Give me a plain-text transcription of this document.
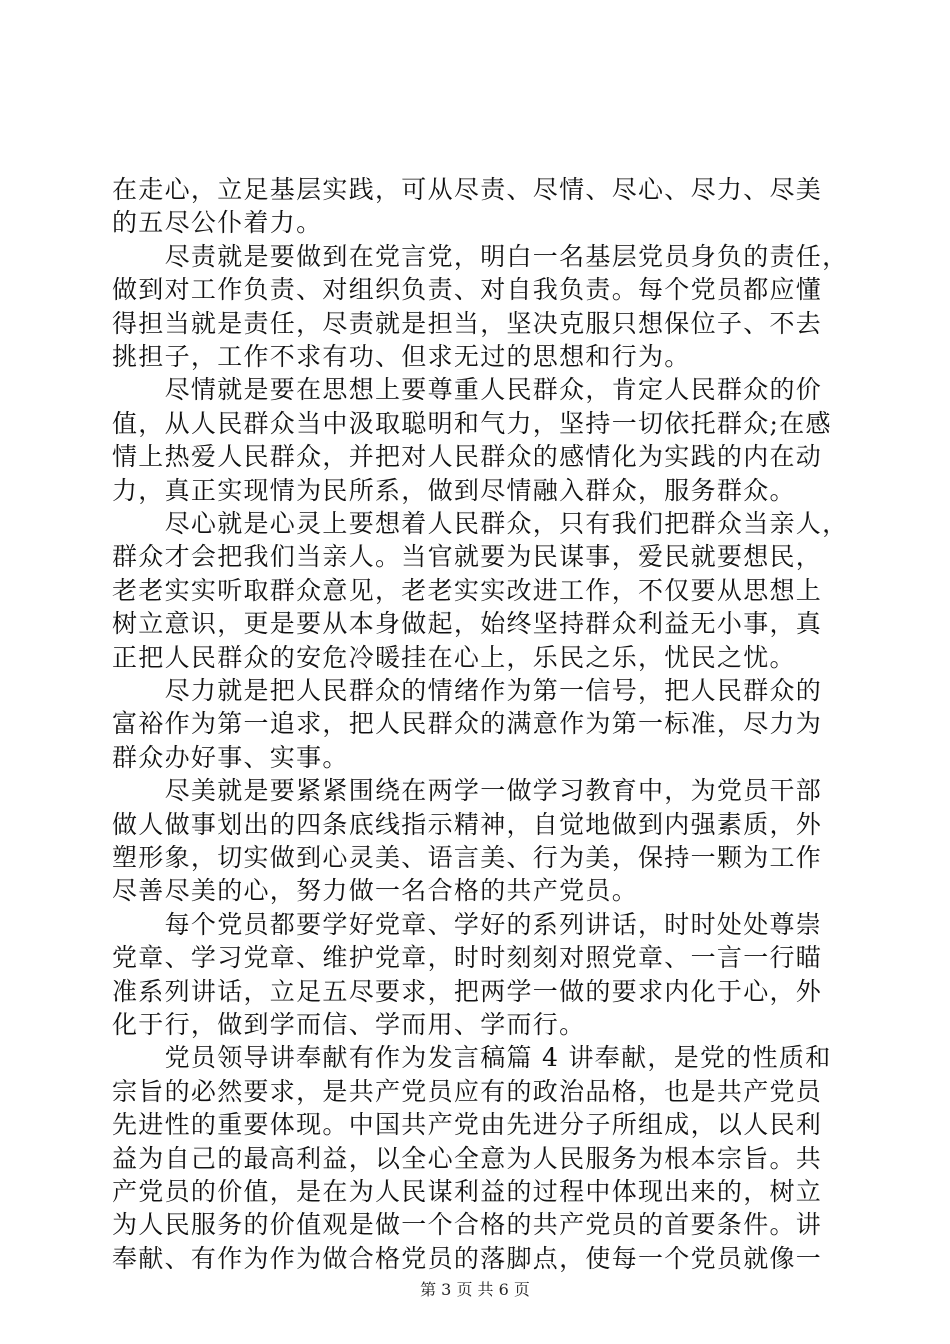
在走心，立足基层实践，可从尽责、尽情、尽心、尽力、尽美
的五尽公仆着力。
　　尽责就是要做到在党言党，明白一名基层党员身负的责任，
做到对工作负责、对组织负责、对自我负责。每个党员都应懂
得担当就是责任，尽责就是担当，坚决克服只想保位子、不去
挑担子，工作不求有功、但求无过的思想和行为。
　　尽情就是要在思想上要尊重人民群众，肯定人民群众的价
值，从人民群众当中汲取聪明和气力，坚持一切依托群众;在感
情上热爱人民群众，并把对人民群众的感情化为实践的内在动
力，真正实现情为民所系，做到尽情融入群众，服务群众。
　　尽心就是心灵上要想着人民群众，只有我们把群众当亲人，
群众才会把我们当亲人。当官就要为民谋事，爱民就要想民，
老老实实听取群众意见，老老实实改进工作，不仅要从思想上
树立意识，更是要从本身做起，始终坚持群众利益无小事，真
正把人民群众的安危冷暖挂在心上，乐民之乐，忧民之忧。
　　尽力就是把人民群众的情绪作为第一信号，把人民群众的
富裕作为第一追求，把人民群众的满意作为第一标准，尽力为
群众办好事、实事。
　　尽美就是要紧紧围绕在两学一做学习教育中，为党员干部
做人做事划出的四条底线指示精神，自觉地做到内强素质，外
塑形象，切实做到心灵美、语言美、行为美，保持一颗为工作
尽善尽美的心，努力做一名合格的共产党员。
　　每个党员都要学好党章、学好的系列讲话，时时处处尊崇
党章、学习党章、维护党章，时时刻刻对照党章、一言一行瞄
准系列讲话，立足五尽要求，把两学一做的要求内化于心，外
化于行，做到学而信、学而用、学而行。
　　党员领导讲奉献有作为发言稿篇 4 讲奉献，是党的性质和
宗旨的必然要求，是共产党员应有的政治品格，也是共产党员
先进性的重要体现。中国共产党由先进分子所组成，以人民利
益为自己的最高利益，以全心全意为人民服务为根本宗旨。共
产党员的价值，是在为人民谋利益的过程中体现出来的，树立
为人民服务的价值观是做一个合格的共产党员的首要条件。讲
奉献、有作为作为做合格党员的落脚点，使每一个党员就像一
第 3 页 共 6 页
